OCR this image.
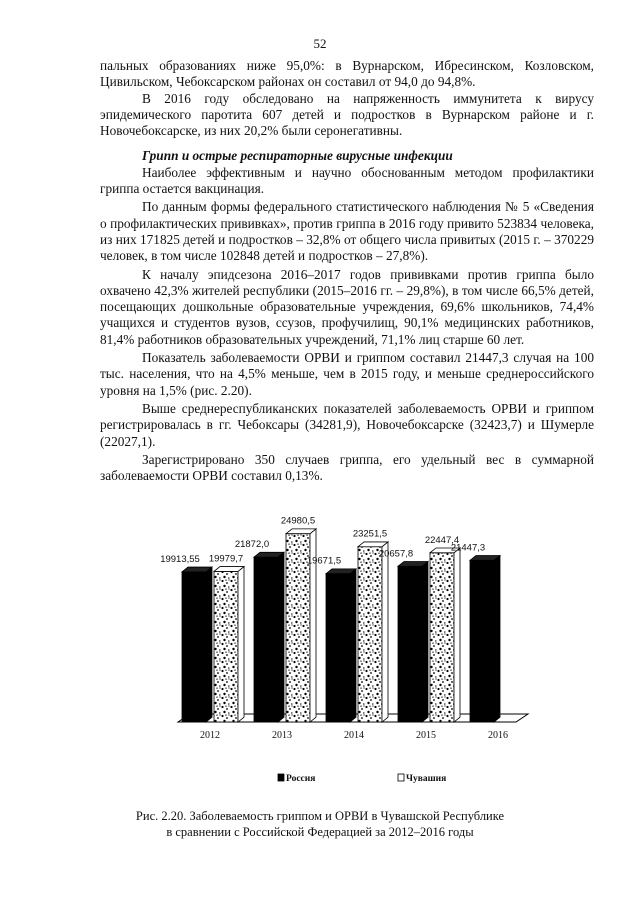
52

пальных образованиях ниже 95,0%: в Вурнарском, Ибресинском, Козловском, Цивильском, Чебоксарском районах он составил от 94,0 до 94,8%.

В 2016 году обследовано на напряженность иммунитета к вирусу эпидемического паротита 607 детей и подростков в Вурнарском районе и г. Новочебоксарске, из них 20,2% были серонегативны.

Грипп и острые респираторные вирусные инфекции

Наиболее эффективным и научно обоснованным методом профилактики гриппа остается вакцинация.

По данным формы федерального статистического наблюдения № 5 «Сведения о профилактических прививках», против гриппа в 2016 году привито 523834 человека, из них 171825 детей и подростков – 32,8% от общего числа привитых (2015 г. – 370229 человек, в том числе 102848 детей и подростков – 27,8%).

К началу эпидсезона 2016–2017 годов прививками против гриппа было охвачено 42,3% жителей республики (2015–2016 гг. – 29,8%), в том числе 66,5% детей, посещающих дошкольные образовательные учреждения, 69,6% школьников, 74,4% учащихся и студентов вузов, ссузов, профучилищ, 90,1% медицинских работников, 81,4% работников образовательных учреждений, 71,1% лиц старше 60 лет.

Показатель заболеваемости ОРВИ и гриппом составил 21447,3 случая на 100 тыс. населения, что на 4,5% меньше, чем в 2015 году, и меньше среднероссийского уровня на 1,5% (рис. 2.20).

Выше среднереспубликанских показателей заболеваемость ОРВИ и гриппом регистрировалась в гг. Чебоксары (34281,9), Новочебоксарске (32423,7) и Шумерле (22027,1).

Зарегистрировано 350 случаев гриппа, его удельный вес в суммарной заболеваемости ОРВИ составил 0,13%.

19913,55 19979,7
21872,0
24980,5
19671,5
23251,5
20657,8
22447,4
21447,3
2012	2013	2014	2015	2016
Россия	Чувашия
Рис. 2.20. Заболеваемость гриппом и ОРВИ в Чувашской Республике
в сравнении с Российской Федерацией за 2012–2016 годы
